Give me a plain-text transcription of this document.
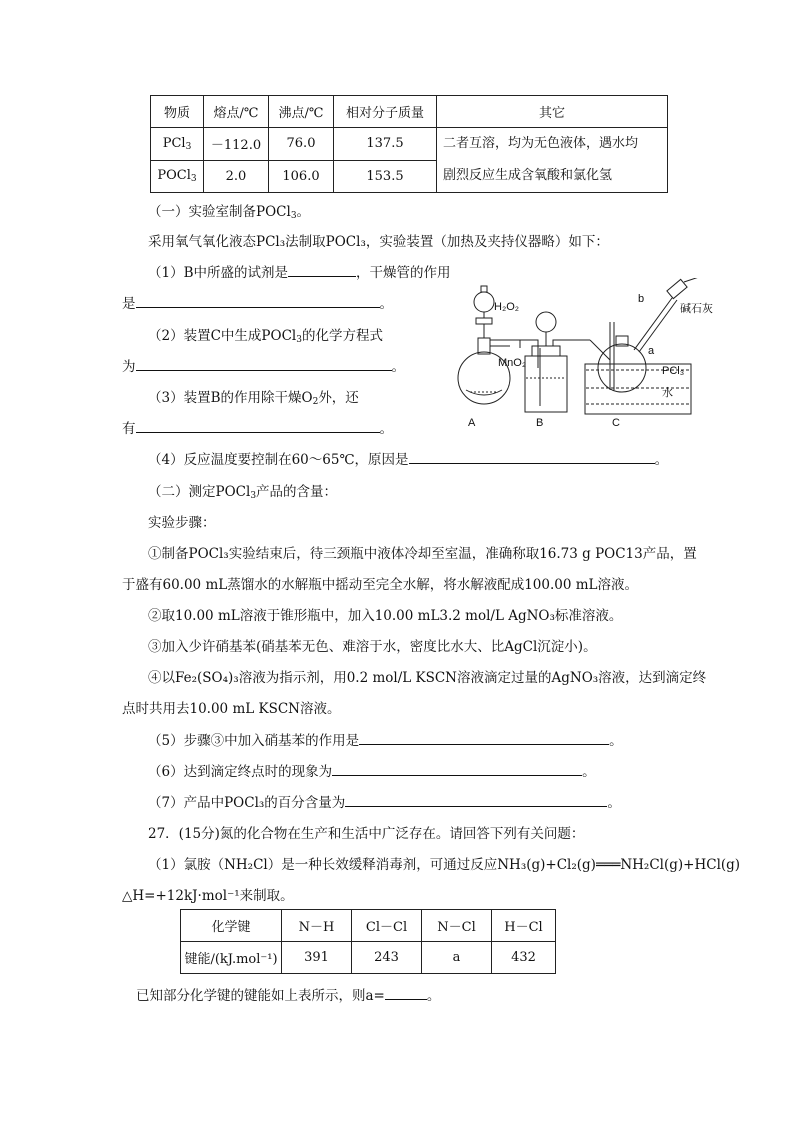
物质	熔点/℃	沸点/℃	相对分子质量	其它
PCl$_3$	－112.0	76.0	137.5	二者互溶，均为无色液体，遇水均
剧烈反应生成含氧酸和氯化氢

POCl$_3$	2.0	106.0	153.5	
（一）实验室制备POCl$_3$。
采用氧气氧化液态PCl₃法制取POCl₃，实验装置（加热及夹持仪器略）如下：
（1）B中所盛的试剂是	，干燥管的作用
是	。
（2）装置C中生成POCl$_3$的化学方程式
为	。
（3）装置B的作用除干燥$O_2$外，还
有	。
H₂O₂
MnO₂
b
a
碱石灰
PCl₃
水
A	B	C
（4）反应温度要控制在60～65℃，原因是	。
（二）测定POCl$_3$产品的含量：
实验步骤：
①制备POCl₃实验结束后，待三颈瓶中液体冷却至室温，准确称取16.73 g POC13产品，置
于盛有60.00 mL蒸馏水的水解瓶中摇动至完全水解，将水解液配成100.00 mL溶液。
②取10.00 mL溶液于锥形瓶中，加入10.00 mL3.2 mol/L AgNO₃标准溶液。
③加入少许硝基苯(硝基苯无色、难溶于水，密度比水大、比AgCl沉淀小)。
④以Fe₂(SO₄)₃溶液为指示剂，用0.2 mol/L KSCN溶液滴定过量的AgNO₃溶液，达到滴定终
点时共用去10.00 mL KSCN溶液。
（5）步骤③中加入硝基苯的作用是	。
（6）达到滴定终点时的现象为	。
（7）产品中POCl₃的百分含量为	。
27．(15分)氮的化合物在生产和生活中广泛存在。请回答下列有关问题：
（1）氯胺（NH₂Cl）是一种长效缓释消毒剂，可通过反应NH₃(g)+Cl₂(g)═══NH₂Cl(g)+HCl(g)
△H=+12kJ·mol⁻¹来制取。
化学键	N－H	Cl－Cl	N－Cl	H－Cl
键能/(kJ.mol⁻¹)	391	243	a	432
已知部分化学键的键能如上表所示，则a=	。
